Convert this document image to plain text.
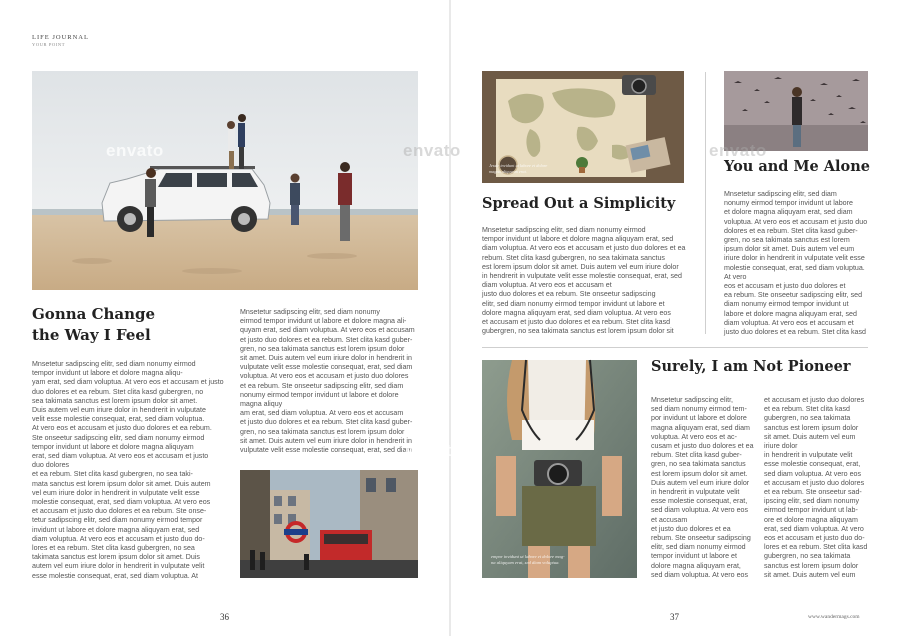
LIFE JOURNAL
YOUR POINT
envato
Gonna Change
the Way I Feel

Mnsetetur sadipscing elitr, sed diam nonumy eirmod
tempor invidunt ut labore et dolore magna aliqu-
yam erat, sed diam voluptua. At vero eos et accusam et justo
duo dolores et ea rebum. Stet clita kasd gubergren, no
sea takimata sanctus est lorem ipsum dolor sit amet.
Duis autem vel eum iriure dolor in hendrerit in vulputate
velit esse molestie consequat, erat, sed diam voluptua.
At vero eos et accusam et justo duo dolores et ea rebum.
Ste onseetur sadipscing elitr, sed diam nonumy eirmod
tempor invidunt ut labore et dolore magna aliquyam
erat, sed diam voluptua. At vero eos et accusam et justo
duo dolores
et ea rebum. Stet clita kasd gubergren, no sea taki-
mata sanctus est lorem ipsum dolor sit amet. Duis autem
vel eum iriure dolor in hendrerit in vulputate velit esse
molestie consequat, erat, sed diam voluptua. At vero eos
et accusam et justo duo dolores et ea rebum. Ste onse-
tetur sadipscing elitr, sed diam nonumy eirmod tempor
invidunt ut labore et dolore magna aliquyam erat, sed
diam voluptua. At vero eos et accusam et justo duo do-
lores et ea rebum. Stet clita kasd gubergren, no sea
takimata sanctus est lorem ipsum dolor sit amet. Duis
autem vel eum iriure dolor in hendrerit in vulputate velit
esse molestie consequat, erat, sed diam voluptua. At

Mnsetetur sadipscing elitr, sed diam nonumy
eirmod tempor invidunt ut labore et dolore magna ali-
quyam erat, sed diam voluptua. At vero eos et accusam
et justo duo dolores et ea rebum. Stet clita kasd guber-
gren, no sea takimata sanctus est lorem ipsum dolor
sit amet. Duis autem vel eum iriure dolor in hendrerit in
vulputate velit esse molestie consequat, erat, sed diam
voluptua. At vero eos et accusam et justo duo dolores
et ea rebum. Ste onseetur sadipscing elitr, sed diam
nonumy eirmod tempor invidunt ut labore et dolore
magna aliquy
am erat, sed diam voluptua. At vero eos et accusam
et justo duo dolores et ea rebum. Stet clita kasd guber-
gren, no sea takimata sanctus est lorem ipsum dolor
sit amet. Duis autem vel eum iriure dolor in hendrerit in
vulputate velit esse molestie consequat, erat, sed diam

36
Jessie invidunt ut labore et dolore
magna aliquyam erat.
Spread Out a Simplicity

Mnsetetur sadipscing elitr, sed diam nonumy eirmod
tempor invidunt ut labore et dolore magna aliquyam erat, sed
diam voluptua. At vero eos et accusam et justo duo dolores et ea
rebum. Stet clita kasd gubergren, no sea takimata sanctus
est lorem ipsum dolor sit amet. Duis autem vel eum iriure dolor
in hendrerit in vulputate velit esse molestie consequat, erat, sed
diam voluptua. At vero eos et accusam et
justo duo dolores et ea rebum. Ste onseetur sadipscing
elitr, sed diam nonumy eirmod tempor invidunt ut labore et
dolore magna aliquyam erat, sed diam voluptua. At vero eos
et accusam et justo duo dolores et ea rebum. Stet clita kasd
gubergren, no sea takimata sanctus est lorem ipsum dolor sit

envato
envato
You and Me Alone

Mnsetetur sadipscing elitr, sed diam
nonumy eirmod tempor invidunt ut labore
et dolore magna aliquyam erat, sed diam
voluptua. At vero eos et accusam et justo duo
dolores et ea rebum. Stet clita kasd guber-
gren, no sea takimata sanctus est lorem
ipsum dolor sit amet. Duis autem vel eum
iriure dolor in hendrerit in vulputate velit esse
molestie consequat, erat, sed diam voluptua.
At vero
eos et accusam et justo duo dolores et
ea rebum. Ste onseetur sadipscing elitr, sed
diam nonumy eirmod tempor invidunt ut
labore et dolore magna aliquyam erat, sed
diam voluptua. At vero eos et accusam et
justo duo dolores et ea rebum. Stet clita kasd

empor invidunt ut labore et dolore mag-
na aliquyam erat, sed diam voluptua.
envato
Surely, I am Not Pioneer

Mnsetetur sadipscing elitr,
sed diam nonumy eirmod tem-
por invidunt ut labore et dolore
magna aliquyam erat, sed diam
voluptua. At vero eos et ac-
cusam et justo duo dolores et ea
rebum. Stet clita kasd guber-
gren, no sea takimata sanctus
est lorem ipsum dolor sit amet.
Duis autem vel eum iriure dolor
in hendrerit in vulputate velit
esse molestie consequat, erat,
sed diam voluptua. At vero eos
et accusam
et justo duo dolores et ea
rebum. Ste onseetur sadipscing
elitr, sed diam nonumy eirmod
tempor invidunt ut labore et
dolore magna aliquyam erat,
sed diam voluptua. At vero eos

et accusam et justo duo dolores
et ea rebum. Stet clita kasd
gubergren, no sea takimata
sanctus est lorem ipsum dolor
sit amet. Duis autem vel eum
iriure dolor
in hendrerit in vulputate velit
esse molestie consequat, erat,
sed diam voluptua. At vero eos
et accusam et justo duo dolores
et ea rebum. Ste onseetur sad-
ipscing elitr, sed diam nonumy
eirmod tempor invidunt ut lab-
ore et dolore magna aliquyam
erat, sed diam voluptua. At vero
eos et accusam et justo duo do-
lores et ea rebum. Stet clita kasd
gubergren, no sea takimata
sanctus est lorem ipsum dolor
sit amet. Duis autem vel eum

37	www.wandermags.com
